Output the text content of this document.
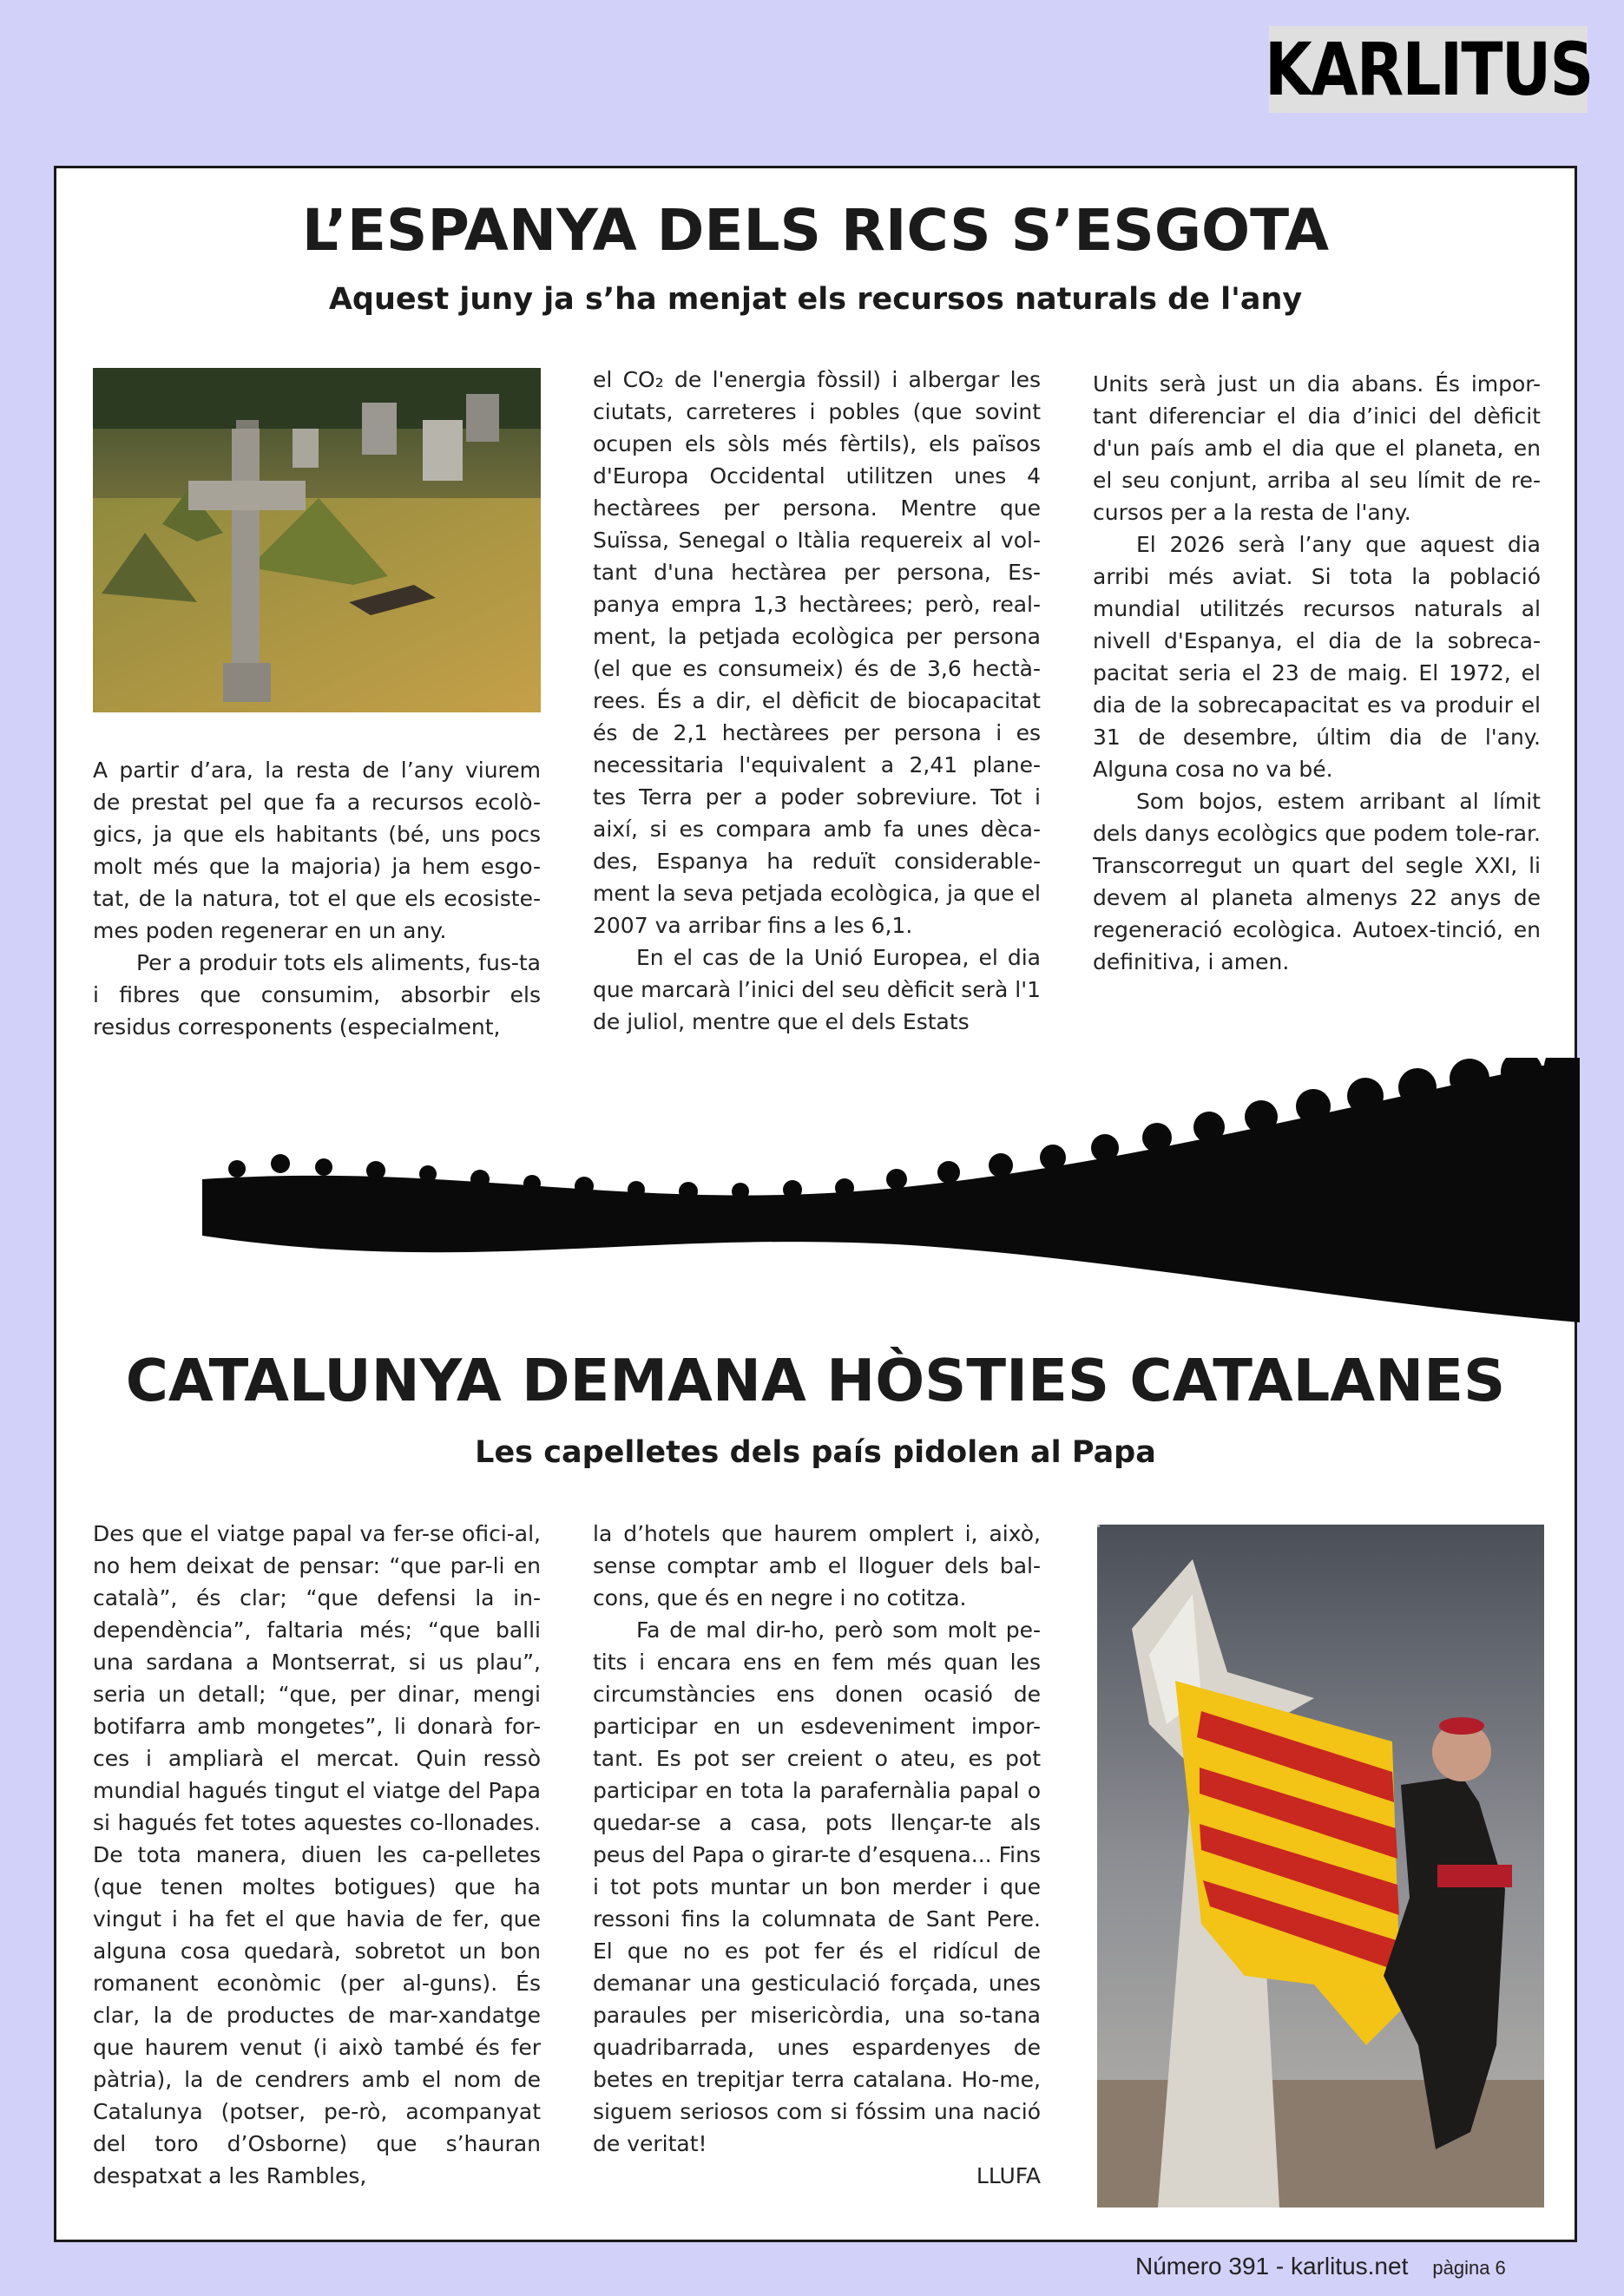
KARLITUS
L’ESPANYA DELS RICS S’ESGOTA
Aquest juny ja s’ha menjat els recursos naturals de l'any

A partir d’ara, la resta de l’any viurem de prestat pel que fa a recursos ecolò-gics, ja que els habitants (bé, uns pocs molt més que la majoria) ja hem esgo-tat, de la natura, tot el que els ecosiste-mes poden regenerar en un any.

Per a produir tots els aliments, fus-ta i fibres que consumim, absorbir els residus corresponents (especialment,

el CO₂ de l'energia fòssil) i albergar les ciutats, carreteres i pobles (que sovint ocupen els sòls més fèrtils), els països d'Europa Occidental utilitzen unes 4 hectàrees per persona. Mentre que Suïssa, Senegal o Itàlia requereix al vol-tant d'una hectàrea per persona, Es-panya empra 1,3 hectàrees; però, real-ment, la petjada ecològica per persona (el que es consumeix) és de 3,6 hectà-rees. És a dir, el dèficit de biocapacitat és de 2,1 hectàrees per persona i es necessitaria l'equivalent a 2,41 plane-tes Terra per a poder sobreviure. Tot i així, si es compara amb fa unes dèca-des, Espanya ha reduït considerable-ment la seva petjada ecològica, ja que el 2007 va arribar fins a les 6,1.

En el cas de la Unió Europea, el dia que marcarà l’inici del seu dèficit serà l'1 de juliol, mentre que el dels Estats

Units serà just un dia abans. És impor-tant diferenciar el dia d’inici del dèficit d'un país amb el dia que el planeta, en el seu conjunt, arriba al seu límit de re-cursos per a la resta de l'any.

El 2026 serà l’any que aquest dia arribi més aviat. Si tota la població mundial utilitzés recursos naturals al nivell d'Espanya, el dia de la sobreca-pacitat seria el 23 de maig. El 1972, el dia de la sobrecapacitat es va produir el 31 de desembre, últim dia de l'any. Alguna cosa no va bé.

Som bojos, estem arribant al límit dels danys ecològics que podem tole-rar. Transcorregut un quart del segle XXI, li devem al planeta almenys 22 anys de regeneració ecològica. Autoex-tinció, en definitiva, i amen.

CATALUNYA DEMANA HÒSTIES CATALANES
Les capelletes dels país pidolen al Papa

Des que el viatge papal va fer-se ofici-al, no hem deixat de pensar: “que par-li en català”, és clar; “que defensi la in-dependència”, faltaria més; “que balli una sardana a Montserrat, si us plau”, seria un detall; “que, per dinar, mengi botifarra amb mongetes”, li donarà for-ces i ampliarà el mercat. Quin ressò mundial hagués tingut el viatge del Papa si hagués fet totes aquestes co-llonades. De tota manera, diuen les ca-pelletes (que tenen moltes botigues) que ha vingut i ha fet el que havia de fer, que alguna cosa quedarà, sobretot un bon romanent econòmic (per al-guns). És clar, la de productes de mar-xandatge que haurem venut (i això també és fer pàtria), la de cendrers amb el nom de Catalunya (potser, pe-rò, acompanyat del toro d’Osborne) que s’hauran despatxat a les Rambles,

la d’hotels que haurem omplert i, això, sense comptar amb el lloguer dels bal-cons, que és en negre i no cotitza.

Fa de mal dir-ho, però som molt pe-tits i encara ens en fem més quan les circumstàncies ens donen ocasió de participar en un esdeveniment impor-tant. Es pot ser creient o ateu, es pot participar en tota la parafernàlia papal o quedar-se a casa, pots llençar-te als peus del Papa o girar-te d’esquena... Fins i tot pots muntar un bon merder i que ressoni fins la columnata de Sant Pere. El que no es pot fer és el ridícul de demanar una gesticulació forçada, unes paraules per misericòrdia, una so-tana quadribarrada, unes espardenyes de betes en trepitjar terra catalana. Ho-me, siguem seriosos com si fóssim una nació de veritat!

LLUFA

Número 391 - karlitus.net pàgina 6
